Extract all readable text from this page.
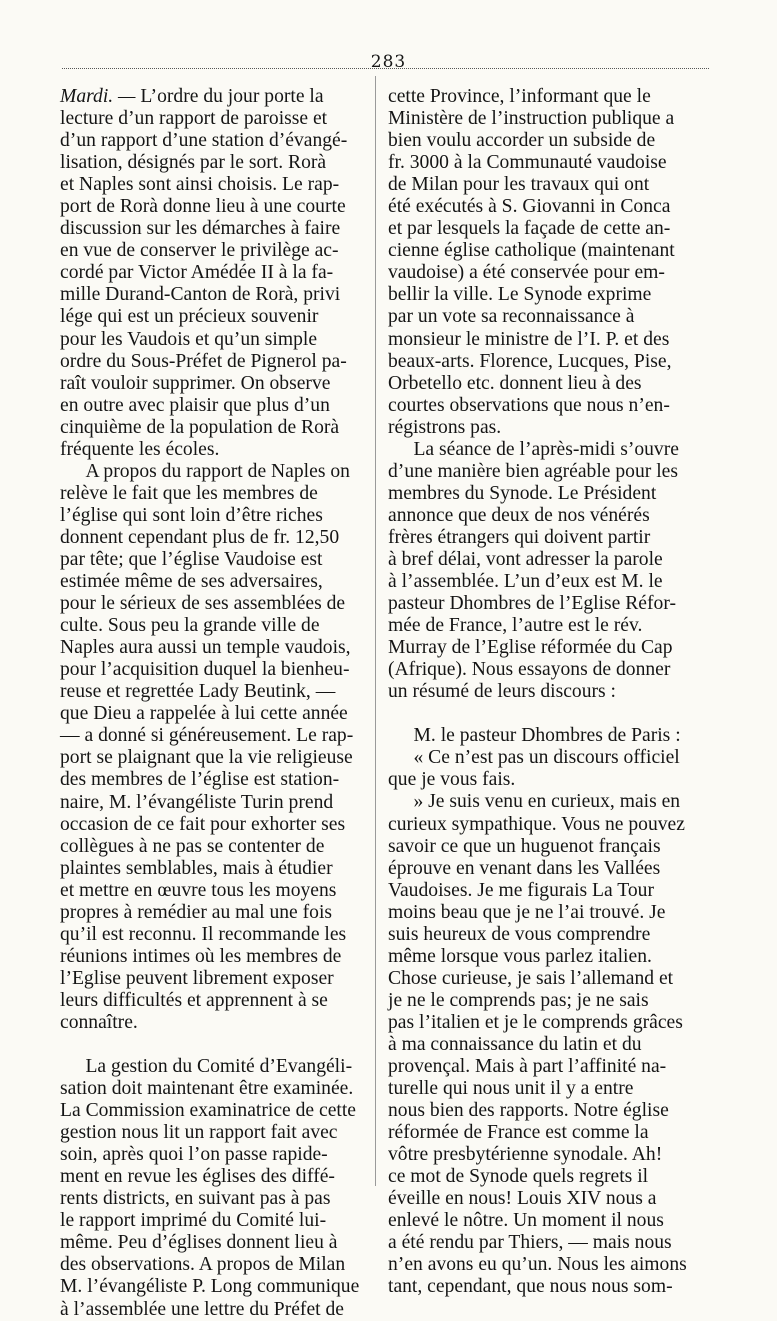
283

Mardi. — L’ordre du jour porte la
lecture d’un rapport de paroisse et
d’un rapport d’une station d’évangé-
lisation, désignés par le sort. Rorà
et Naples sont ainsi choisis. Le rap-
port de Rorà donne lieu à une courte
discussion sur les démarches à faire
en vue de conserver le privilège ac-
cordé par Victor Amédée II à la fa-
mille Durand-Canton de Rorà, privi
lége qui est un précieux souvenir
pour les Vaudois et qu’un simple
ordre du Sous-Préfet de Pignerol pa-
raît vouloir supprimer. On observe
en outre avec plaisir que plus d’un
cinquième de la population de Rorà
fréquente les écoles.

A propos du rapport de Naples on
relève le fait que les membres de
l’église qui sont loin d’être riches
donnent cependant plus de fr. 12,50
par tête; que l’église Vaudoise est
estimée même de ses adversaires,
pour le sérieux de ses assemblées de
culte. Sous peu la grande ville de
Naples aura aussi un temple vaudois,
pour l’acquisition duquel la bienheu-
reuse et regrettée Lady Beutink, —
que Dieu a rappelée à lui cette année
— a donné si généreusement. Le rap-
port se plaignant que la vie religieuse
des membres de l’église est station-
naire, M. l’évangéliste Turin prend
occasion de ce fait pour exhorter ses
collègues à ne pas se contenter de
plaintes semblables, mais à étudier
et mettre en œuvre tous les moyens
propres à remédier au mal une fois
qu’il est reconnu. Il recommande les
réunions intimes où les membres de
l’Eglise peuvent librement exposer
leurs difficultés et apprennent à se
connaître.

La gestion du Comité d’Evangéli-
sation doit maintenant être examinée.
La Commission examinatrice de cette
gestion nous lit un rapport fait avec
soin, après quoi l’on passe rapide-
ment en revue les églises des diffé-
rents districts, en suivant pas à pas
le rapport imprimé du Comité lui-
même. Peu d’églises donnent lieu à
des observations. A propos de Milan
M. l’évangéliste P. Long communique
à l’assemblée une lettre du Préfet de

cette Province, l’informant que le
Ministère de l’instruction publique a
bien voulu accorder un subside de
fr. 3000 à la Communauté vaudoise
de Milan pour les travaux qui ont
été exécutés à S. Giovanni in Conca
et par lesquels la façade de cette an-
cienne église catholique (maintenant
vaudoise) a été conservée pour em-
bellir la ville. Le Synode exprime
par un vote sa reconnaissance à
monsieur le ministre de l’I. P. et des
beaux-arts. Florence, Lucques, Pise,
Orbetello etc. donnent lieu à des
courtes observations que nous n’en-
régistrons pas.

La séance de l’après-midi s’ouvre
d’une manière bien agréable pour les
membres du Synode. Le Président
annonce que deux de nos vénérés
frères étrangers qui doivent partir
à bref délai, vont adresser la parole
à l’assemblée. L’un d’eux est M. le
pasteur Dhombres de l’Eglise Réfor-
mée de France, l’autre est le rév.
Murray de l’Eglise réformée du Cap
(Afrique). Nous essayons de donner
un résumé de leurs discours :

M. le pasteur Dhombres de Paris :

« Ce n’est pas un discours officiel
que je vous fais.

» Je suis venu en curieux, mais en
curieux sympathique. Vous ne pouvez
savoir ce que un huguenot français
éprouve en venant dans les Vallées
Vaudoises. Je me figurais La Tour
moins beau que je ne l’ai trouvé. Je
suis heureux de vous comprendre
même lorsque vous parlez italien.
Chose curieuse, je sais l’allemand et
je ne le comprends pas; je ne sais
pas l’italien et je le comprends grâces
à ma connaissance du latin et du
provençal. Mais à part l’affinité na-
turelle qui nous unit il y a entre
nous bien des rapports. Notre église
réformée de France est comme la
vôtre presbytérienne synodale. Ah!
ce mot de Synode quels regrets il
éveille en nous! Louis XIV nous a
enlevé le nôtre. Un moment il nous
a été rendu par Thiers, — mais nous
n’en avons eu qu’un. Nous les aimons
tant, cependant, que nous nous som-
